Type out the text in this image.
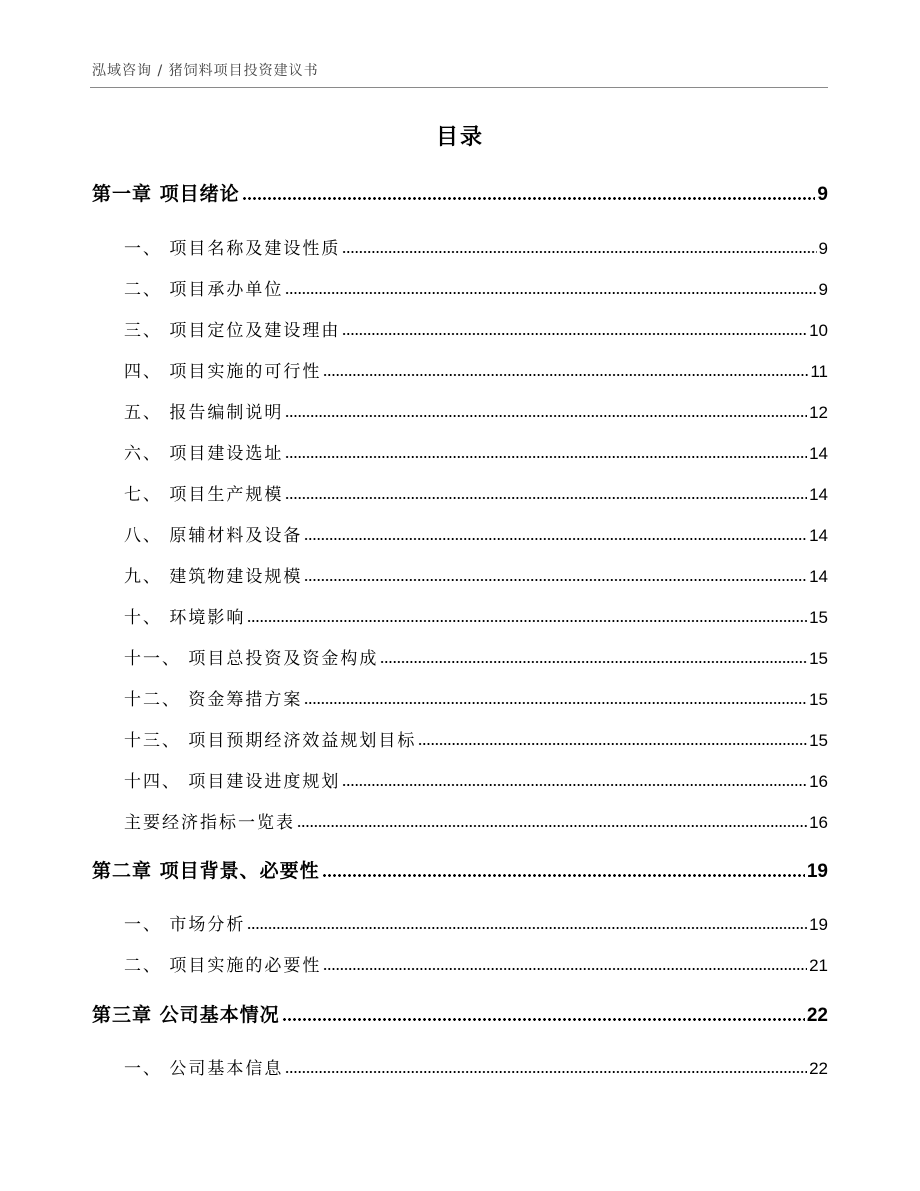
泓域咨询 / 猪饲料项目投资建议书
目录
第一章 项目绪论	9
一、 项目名称及建设性质	9
二、 项目承办单位	9
三、 项目定位及建设理由	10
四、 项目实施的可行性	11
五、 报告编制说明	12
六、 项目建设选址	14
七、 项目生产规模	14
八、 原辅材料及设备	14
九、 建筑物建设规模	14
十、 环境影响	15
十一、 项目总投资及资金构成	15
十二、 资金筹措方案	15
十三、 项目预期经济效益规划目标	15
十四、 项目建设进度规划	16
主要经济指标一览表	16
第二章 项目背景、必要性	19
一、 市场分析	19
二、 项目实施的必要性	21
第三章 公司基本情况	22
一、 公司基本信息	22
